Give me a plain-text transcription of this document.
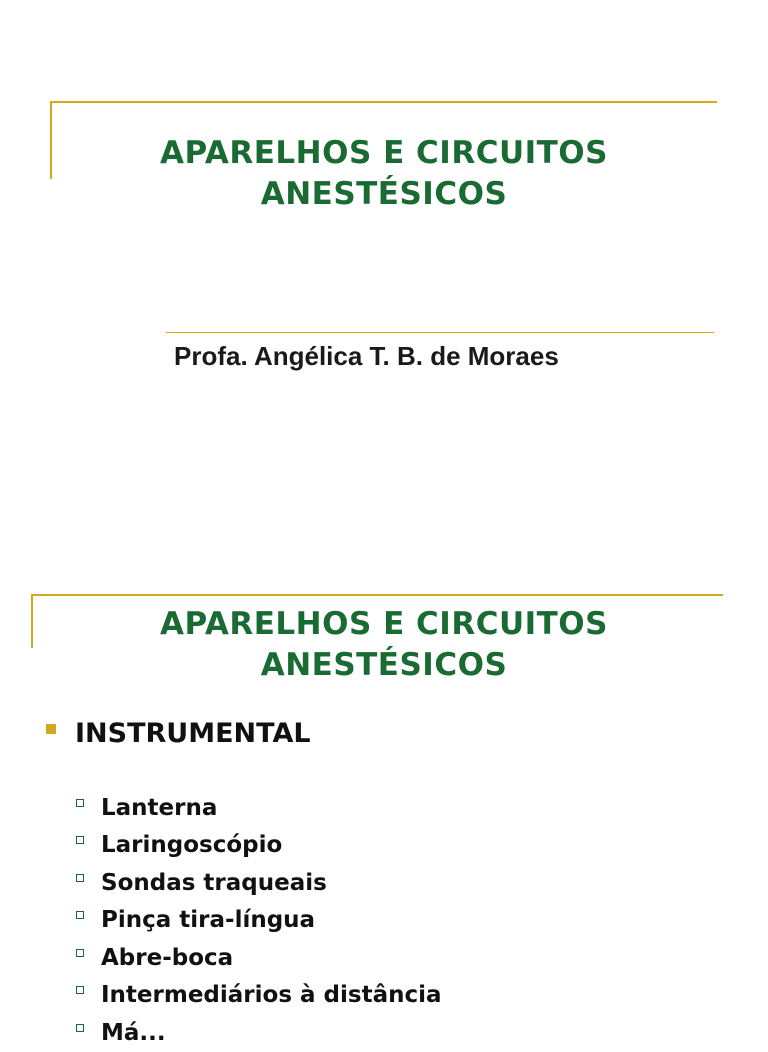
APARELHOS E CIRCUITOS
ANESTÉSICOS
Profa. Angélica T. B. de Moraes
APARELHOS E CIRCUITOS
ANESTÉSICOS
INSTRUMENTAL
Lanterna
Laringoscópio
Sondas traqueais
Pinça tira-língua
Abre-boca
Intermediários à distância
Má...
